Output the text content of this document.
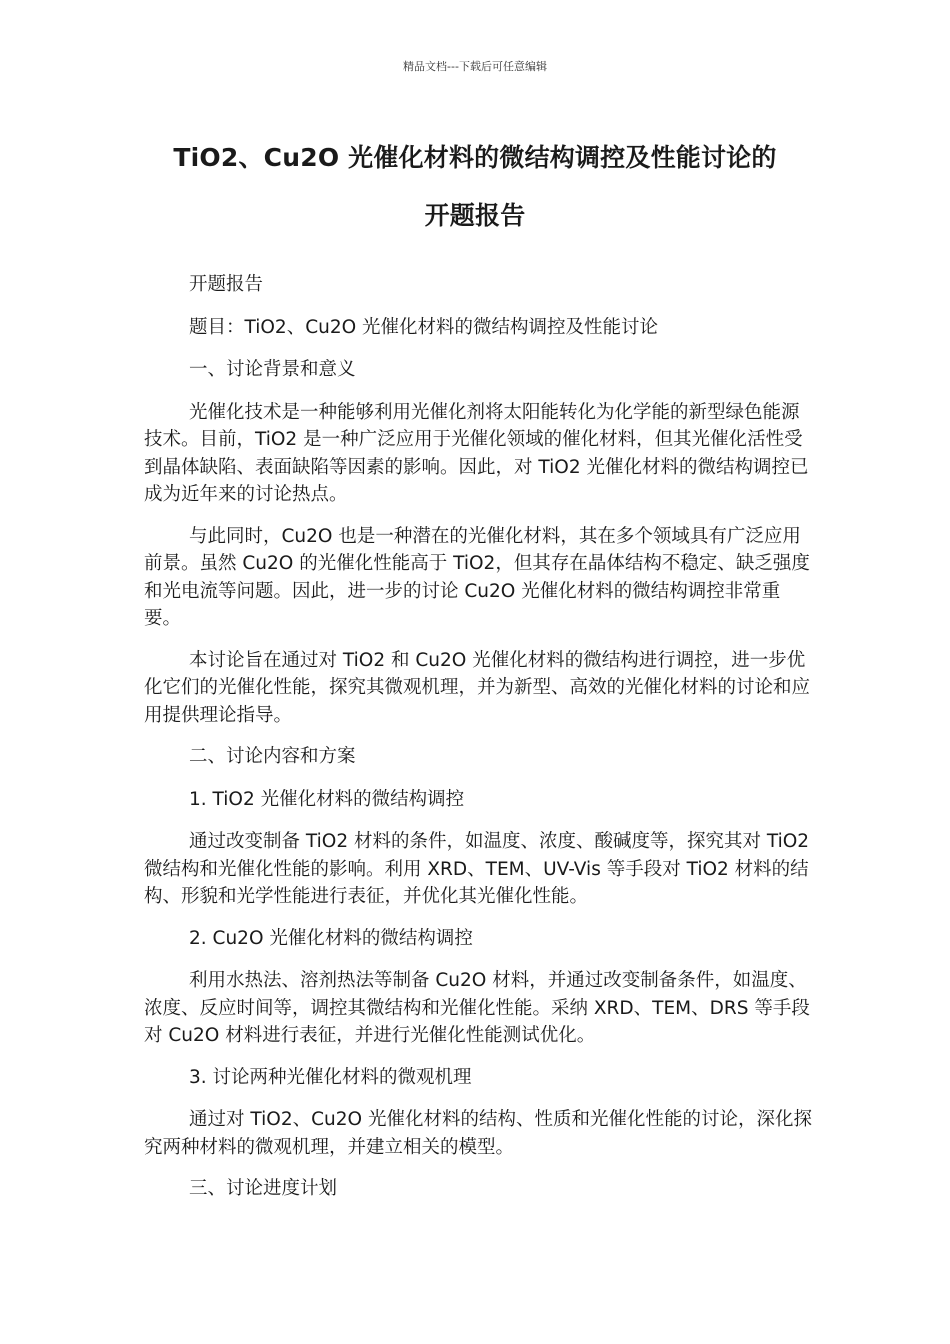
精品文档---下载后可任意编辑
TiO2、Cu2O 光催化材料的微结构调控及性能讨论的
开题报告

开题报告

题目：TiO2、Cu2O 光催化材料的微结构调控及性能讨论

一、讨论背景和意义

光催化技术是一种能够利用光催化剂将太阳能转化为化学能的新型绿色能源技术。目前，TiO2 是一种广泛应用于光催化领域的催化材料，但其光催化活性受到晶体缺陷、表面缺陷等因素的影响。因此，对 TiO2 光催化材料的微结构调控已成为近年来的讨论热点。

与此同时，Cu2O 也是一种潜在的光催化材料，其在多个领域具有广泛应用前景。虽然 Cu2O 的光催化性能高于 TiO2，但其存在晶体结构不稳定、缺乏强度和光电流等问题。因此，进一步的讨论 Cu2O 光催化材料的微结构调控非常重要。

本讨论旨在通过对 TiO2 和 Cu2O 光催化材料的微结构进行调控，进一步优化它们的光催化性能，探究其微观机理，并为新型、高效的光催化材料的讨论和应用提供理论指导。

二、讨论内容和方案

1. TiO2 光催化材料的微结构调控

通过改变制备 TiO2 材料的条件，如温度、浓度、酸碱度等，探究其对 TiO2 微结构和光催化性能的影响。利用 XRD、TEM、UV-Vis 等手段对 TiO2 材料的结构、形貌和光学性能进行表征，并优化其光催化性能。

2. Cu2O 光催化材料的微结构调控

利用水热法、溶剂热法等制备 Cu2O 材料，并通过改变制备条件，如温度、浓度、反应时间等，调控其微结构和光催化性能。采纳 XRD、TEM、DRS 等手段对 Cu2O 材料进行表征，并进行光催化性能测试优化。

3. 讨论两种光催化材料的微观机理

通过对 TiO2、Cu2O 光催化材料的结构、性质和光催化性能的讨论，深化探究两种材料的微观机理，并建立相关的模型。

三、讨论进度计划
